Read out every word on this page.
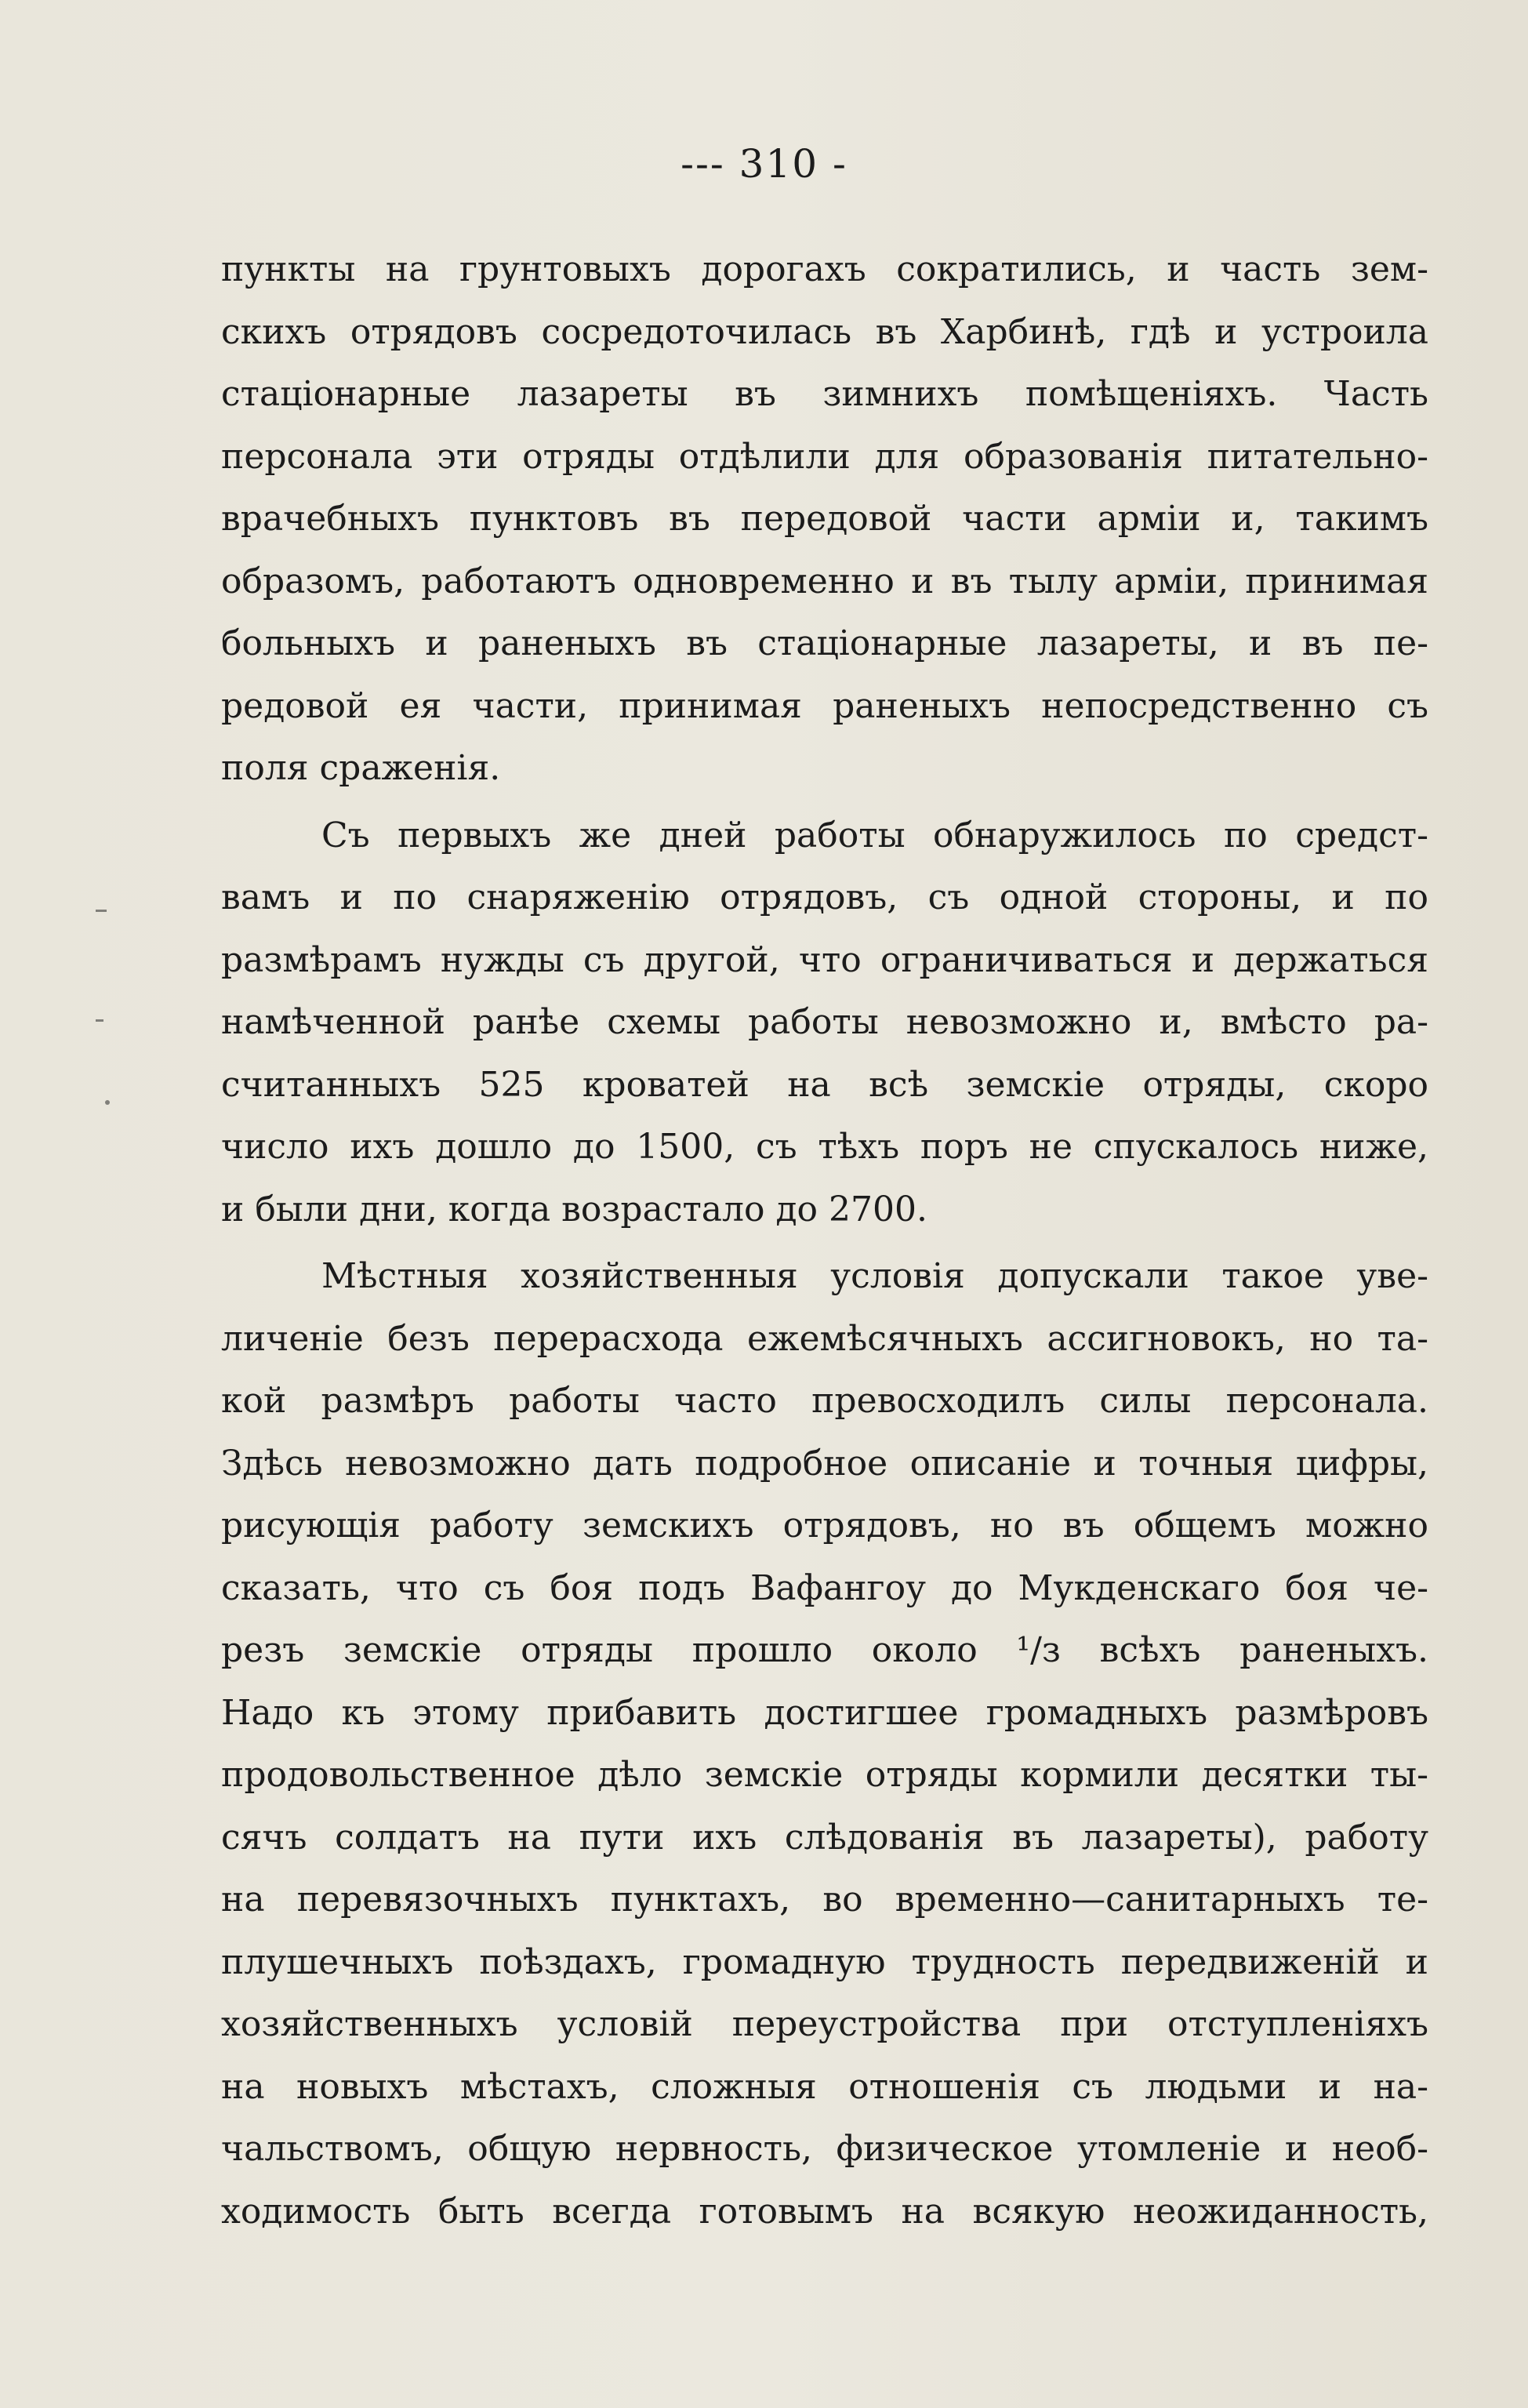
--- 310 -
пункты на грунтовыхъ дорогахъ сократились, и часть зем-
скихъ отрядовъ сосредоточилась въ Харбинѣ, гдѣ и устроила
стаціонарные лазареты въ зимнихъ помѣщеніяхъ. Часть
персонала эти отряды отдѣлили для образованія питательно-
врачебныхъ пунктовъ въ передовой части арміи и, такимъ
образомъ, работаютъ одновременно и въ тылу арміи, принимая
больныхъ и раненыхъ въ стаціонарные лазареты, и въ пе-
редовой ея части, принимая раненыхъ непосредственно съ
поля сраженія.
Съ первыхъ же дней работы обнаружилось по средст-
вамъ и по снаряженію отрядовъ, съ одной стороны, и по
размѣрамъ нужды съ другой, что ограничиваться и держаться
намѣченной ранѣе схемы работы невозможно и, вмѣсто ра-
считанныхъ 525 кроватей на всѣ земскіе отряды, скоро
число ихъ дошло до 1500, съ тѣхъ поръ не спускалось ниже,
и были дни, когда возрастало до 2700.
Мѣстныя хозяйственныя условія допускали такое уве-
личеніе безъ перерасхода ежемѣсячныхъ ассигновокъ, но та-
кой размѣръ работы часто превосходилъ силы персонала.
Здѣсь невозможно дать подробное описаніе и точныя цифры,
рисующія работу земскихъ отрядовъ, но въ общемъ можно
сказать, что съ боя подъ Вафангоу до Мукденскаго боя че-
резъ земскіе отряды прошло около ¹/з всѣхъ раненыхъ.
Надо къ этому прибавить достигшее громадныхъ размѣровъ
продовольственное дѣло земскіе отряды кормили десятки ты-
сячъ солдатъ на пути ихъ слѣдованія въ лазареты), работу
на перевязочныхъ пунктахъ, во временно—санитарныхъ те-
плушечныхъ поѣздахъ, громадную трудность передвиженій и
хозяйственныхъ условій переустройства при отступленіяхъ
на новыхъ мѣстахъ, сложныя отношенія съ людьми и на-
чальствомъ, общую нервность, физическое утомленіе и необ-
ходимость быть всегда готовымъ на всякую неожиданность,
